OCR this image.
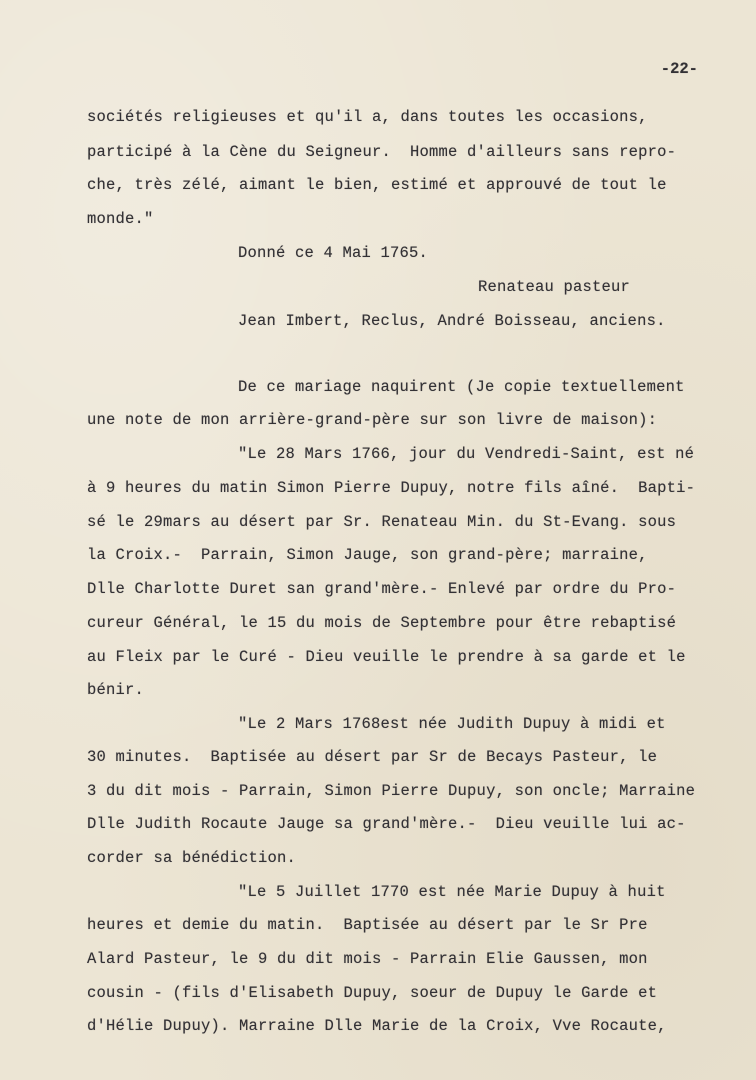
-22-
sociétés religieuses et qu'il a, dans toutes les occasions,
participé à la Cène du Seigneur.  Homme d'ailleurs sans repro-
che, très zélé, aimant le bien, estimé et approuvé de tout le
monde."
Donné ce 4 Mai 1765.
Renateau pasteur
Jean Imbert, Reclus, André Boisseau, anciens.
De ce mariage naquirent (Je copie textuellement
une note de mon arrière-grand-père sur son livre de maison):
"Le 28 Mars 1766, jour du Vendredi-Saint, est né
à 9 heures du matin Simon Pierre Dupuy, notre fils aîné.  Bapti-
sé le 29mars au désert par Sr. Renateau Min. du St-Evang. sous
la Croix.-  Parrain, Simon Jauge, son grand-père; marraine,
Dlle Charlotte Duret san grand'mère.- Enlevé par ordre du Pro-
cureur Général, le 15 du mois de Septembre pour être rebaptisé
au Fleix par le Curé - Dieu veuille le prendre à sa garde et le
bénir.
"Le 2 Mars 1768est née Judith Dupuy à midi et
30 minutes.  Baptisée au désert par Sr de Becays Pasteur, le
3 du dit mois - Parrain, Simon Pierre Dupuy, son oncle; Marraine
Dlle Judith Rocaute Jauge sa grand'mère.-  Dieu veuille lui ac-
corder sa bénédiction.
"Le 5 Juillet 1770 est née Marie Dupuy à huit
heures et demie du matin.  Baptisée au désert par le Sr Pre
Alard Pasteur, le 9 du dit mois - Parrain Elie Gaussen, mon
cousin - (fils d'Elisabeth Dupuy, soeur de Dupuy le Garde et
d'Hélie Dupuy). Marraine Dlle Marie de la Croix, Vve Rocaute,
